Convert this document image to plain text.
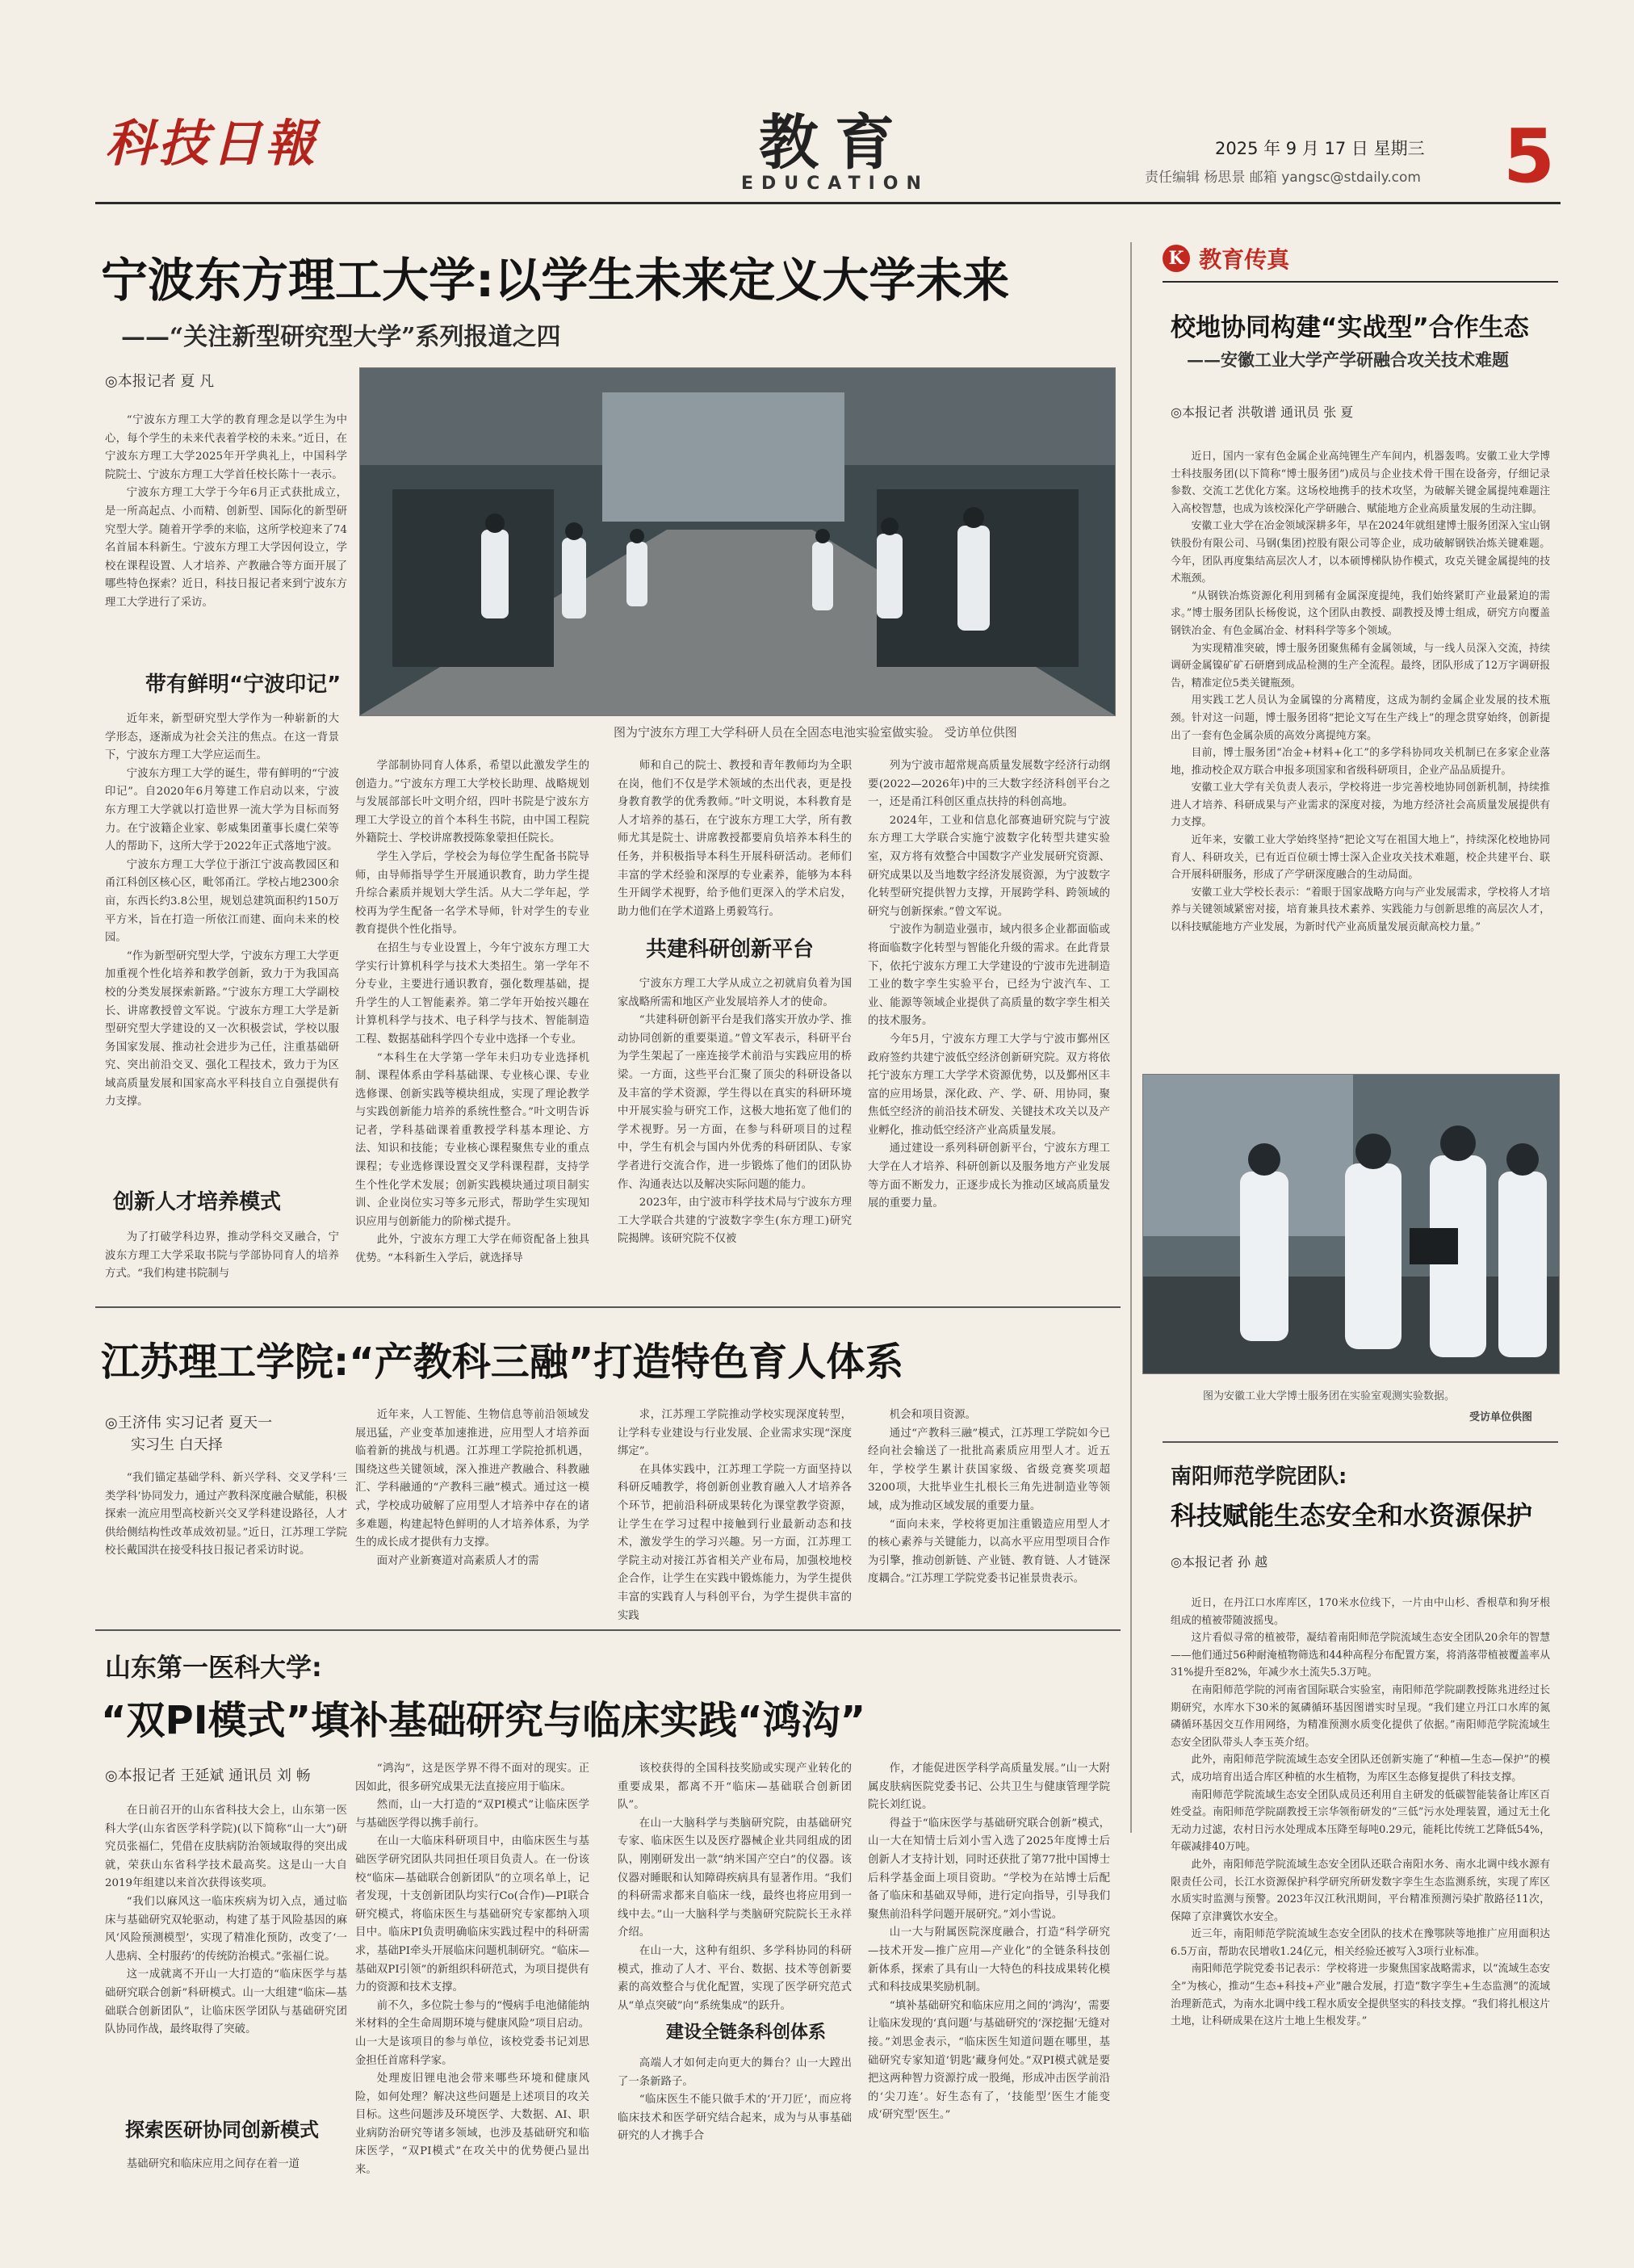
科技日報	教育
EDUCATION
2025 年 9 月 17 日 星期三
责任编辑 杨思景 邮箱 yangsc@stdaily.com 5
宁波东方理工大学:以学生未来定义大学未来
——“关注新型研究型大学”系列报道之四
◎本报记者 夏 凡

“宁波东方理工大学的教育理念是以学生为中心，每个学生的未来代表着学校的未来。”近日，在宁波东方理工大学2025年开学典礼上，中国科学院院士、宁波东方理工大学首任校长陈十一表示。

宁波东方理工大学于今年6月正式获批成立，是一所高起点、小而精、创新型、国际化的新型研究型大学。随着开学季的来临，这所学校迎来了74名首届本科新生。宁波东方理工大学因何设立，学校在课程设置、人才培养、产教融合等方面开展了哪些特色探索？近日，科技日报记者来到宁波东方理工大学进行了采访。

图为宁波东方理工大学科研人员在全固态电池实验室做实验。 受访单位供图
带有鲜明“宁波印记”

近年来，新型研究型大学作为一种崭新的大学形态，逐渐成为社会关注的焦点。在这一背景下，宁波东方理工大学应运而生。

宁波东方理工大学的诞生，带有鲜明的“宁波印记”。自2020年6月筹建工作启动以来，宁波东方理工大学就以打造世界一流大学为目标而努力。在宁波籍企业家、彰威集团董事长虞仁荣等人的帮助下，这所大学于2022年正式落地宁波。

宁波东方理工大学位于浙江宁波高教园区和甬江科创区核心区，毗邻甬江。学校占地2300余亩，东西长约3.8公里，规划总建筑面积约150万平方米，旨在打造一所依江而建、面向未来的校园。

“作为新型研究型大学，宁波东方理工大学更加重视个性化培养和教学创新，致力于为我国高校的分类发展探索新路。”宁波东方理工大学副校长、讲席教授曾文军说。宁波东方理工大学是新型研究型大学建设的又一次积极尝试，学校以服务国家发展、推动社会进步为己任，注重基础研究、突出前沿交叉、强化工程技术，致力于为区域高质量发展和国家高水平科技自立自强提供有力支撑。

创新人才培养模式

为了打破学科边界，推动学科交叉融合，宁波东方理工大学采取书院与学部协同育人的培养方式。“我们构建书院制与

学部制协同育人体系，希望以此激发学生的创造力。”宁波东方理工大学校长助理、战略规划与发展部部长叶文明介绍，四叶书院是宁波东方理工大学设立的首个本科生书院，由中国工程院外籍院士、学校讲席教授陈象蒙担任院长。

学生入学后，学校会为每位学生配备书院导师，由导师指导学生开展通识教育，助力学生提升综合素质并规划大学生活。从大二学年起，学校再为学生配备一名学术导师，针对学生的专业教育提供个性化指导。

在招生与专业设置上，今年宁波东方理工大学实行计算机科学与技术大类招生。第一学年不分专业，主要进行通识教育，强化数理基础，提升学生的人工智能素养。第二学年开始按兴趣在计算机科学与技术、电子科学与技术、智能制造工程、数据基础科学四个专业中选择一个专业。

“本科生在大学第一学年未归功专业选择机制、课程体系由学科基础课、专业核心课、专业选修课、创新实践等模块组成，实现了理论教学与实践创新能力培养的系统性整合。”叶文明告诉记者，学科基础课着重教授学科基本理论、方法、知识和技能；专业核心课程聚焦专业的重点课程；专业选修课设置交叉学科课程群，支持学生个性化学术发展；创新实践模块通过项目制实训、企业岗位实习等多元形式，帮助学生实现知识应用与创新能力的阶梯式提升。

此外，宁波东方理工大学在师资配备上独具优势。“本科新生入学后，就选择导

师和自己的院士、教授和青年教师均为全职在岗，他们不仅是学术领域的杰出代表，更是投身教育教学的优秀教师。”叶文明说，本科教育是人才培养的基石，在宁波东方理工大学，所有教师尤其是院士、讲席教授都要肩负培养本科生的任务，并积极指导本科生开展科研活动。老师们丰富的学术经验和深厚的专业素养，能够为本科生开阔学术视野，给予他们更深入的学术启发，助力他们在学术道路上勇毅笃行。

共建科研创新平台

宁波东方理工大学从成立之初就肩负着为国家战略所需和地区产业发展培养人才的使命。

“共建科研创新平台是我们落实开放办学、推动协同创新的重要渠道。”曾文军表示，科研平台为学生架起了一座连接学术前沿与实践应用的桥梁。一方面，这些平台汇聚了顶尖的科研设备以及丰富的学术资源，学生得以在真实的科研环境中开展实验与研究工作，这极大地拓宽了他们的学术视野。另一方面，在参与科研项目的过程中，学生有机会与国内外优秀的科研团队、专家学者进行交流合作，进一步锻炼了他们的团队协作、沟通表达以及解决实际问题的能力。

2023年，由宁波市科学技术局与宁波东方理工大学联合共建的宁波数字孪生(东方理工)研究院揭牌。该研究院不仅被

列为宁波市超常规高质量发展数字经济行动纲要(2022—2026年)中的三大数字经济科创平台之一，还是甬江科创区重点扶持的科创高地。

2024年，工业和信息化部赛迪研究院与宁波东方理工大学联合实施宁波数字化转型共建实验室，双方将有效整合中国数字产业发展研究资源、研究成果以及当地数字经济发展资源，为宁波数字化转型研究提供智力支撑，开展跨学科、跨领域的研究与创新探索。”曾文军说。

宁波作为制造业强市，域内很多企业都面临或将面临数字化转型与智能化升级的需求。在此背景下，依托宁波东方理工大学建设的宁波市先进制造工业的数字孪生实验平台，已经为宁波汽车、工业、能源等领域企业提供了高质量的数字孪生相关的技术服务。

今年5月，宁波东方理工大学与宁波市鄞州区政府签约共建宁波低空经济创新研究院。双方将依托宁波东方理工大学学术资源优势，以及鄞州区丰富的应用场景，深化政、产、学、研、用协同，聚焦低空经济的前沿技术研发、关键技术攻关以及产业孵化，推动低空经济产业高质量发展。

通过建设一系列科研创新平台，宁波东方理工大学在人才培养、科研创新以及服务地方产业发展等方面不断发力，正逐步成长为推动区域高质量发展的重要力量。

江苏理工学院:“产教科三融”打造特色育人体系
◎王济伟 实习记者 夏天一
实习生 白天择

“我们锚定基础学科、新兴学科、交叉学科‘三类学科’协同发力，通过产教科深度融合赋能，积极探索一流应用型高校新兴交叉学科建设路径，人才供给侧结构性改革成效初显。”近日，江苏理工学院校长戴国洪在接受科技日报记者采访时说。

近年来，人工智能、生物信息等前沿领域发展迅猛，产业变革加速推进，应用型人才培养面临着新的挑战与机遇。江苏理工学院抢抓机遇，围绕这些关键领域，深入推进产教融合、科教融汇、学科融通的“产教科三融”模式。通过这一模式，学校成功破解了应用型人才培养中存在的诸多难题，构建起特色鲜明的人才培养体系，为学生的成长成才提供有力支撑。

面对产业新赛道对高素质人才的需

求，江苏理工学院推动学校实现深度转型，让学科专业建设与行业发展、企业需求实现“深度绑定”。

在具体实践中，江苏理工学院一方面坚持以科研反哺教学，将创新创业教育融入人才培养各个环节，把前沿科研成果转化为课堂教学资源，让学生在学习过程中接触到行业最新动态和技术，激发学生的学习兴趣。另一方面，江苏理工学院主动对接江苏省相关产业布局，加强校地校企合作，让学生在实践中锻炼能力，为学生提供丰富的实践育人与科创平台，为学生提供丰富的实践

机会和项目资源。

通过“产教科三融”模式，江苏理工学院如今已经向社会输送了一批批高素质应用型人才。近五年，学校学生累计获国家级、省级竞赛奖项超3200项，大批毕业生扎根长三角先进制造业等领域，成为推动区域发展的重要力量。

“面向未来，学校将更加注重锻造应用型人才的核心素养与关键能力，以高水平应用型项目合作为引擎，推动创新链、产业链、教育链、人才链深度耦合。”江苏理工学院党委书记崔景贵表示。

山东第一医科大学:
“双PI模式”填补基础研究与临床实践“鸿沟”
◎本报记者 王延斌 通讯员 刘 畅

在日前召开的山东省科技大会上，山东第一医科大学(山东省医学科学院)(以下简称“山一大”)研究员张福仁，凭借在皮肤病防治领域取得的突出成就，荣获山东省科学技术最高奖。这是山一大自2019年组建以来首次获得该奖项。

“我们以麻风这一临床疾病为切入点，通过临床与基础研究双轮驱动，构建了基于风险基因的麻风‘风险预测模型’，实现了精准化预防，改变了‘一人患病、全村服药’的传统防治模式。”张福仁说。

这一成就离不开山一大打造的“临床医学与基础研究联合创新”科研模式。山一大组建“临床—基础联合创新团队”，让临床医学团队与基础研究团队协同作战，最终取得了突破。

探索医研协同创新模式

基础研究和临床应用之间存在着一道

“鸿沟”，这是医学界不得不面对的现实。正因如此，很多研究成果无法直接应用于临床。

然而，山一大打造的“双PI模式”让临床医学与基础医学得以携手前行。

在山一大临床科研项目中，由临床医生与基础医学研究团队共同担任项目负责人。在一份该校“临床—基础联合创新团队”的立项名单上，记者发现，十支创新团队均实行Co(合作)—PI联合研究模式，将临床医生与基础研究专家都纳入项目中。临床PI负责明确临床实践过程中的科研需求，基础PI牵头开展临床问题机制研究。“临床—基础双PI引领”的新组织科研范式，为项目提供有力的资源和技术支撑。

前不久，多位院士参与的“慢病手电池储能纳米材料的全生命周期环境与健康风险”项目启动。山一大是该项目的参与单位，该校党委书记刘思金担任首席科学家。

处理废旧锂电池会带来哪些环境和健康风险，如何处理？解决这些问题是上述项目的攻关目标。这些问题涉及环境医学、大数据、AI、职业病防治研究等诸多领域，也涉及基础研究和临床医学，“双PI模式”在攻关中的优势便凸显出来。

该校获得的全国科技奖励或实现产业转化的重要成果，都离不开“临床—基础联合创新团队”。

在山一大脑科学与类脑研究院，由基础研究专家、临床医生以及医疗器械企业共同组成的团队，刚刚研发出一款“纳米国产空白”的仪器。该仪器对睡眠和认知障碍疾病具有显著作用。“我们的科研需求都来自临床一线，最终也将应用到一线中去。”山一大脑科学与类脑研究院院长王永祥介绍。

在山一大，这种有组织、多学科协同的科研模式，推动了人才、平台、数据、技术等创新要素的高效整合与优化配置，实现了医学研究范式从“单点突破”向“系统集成”的跃升。

建设全链条科创体系

高端人才如何走向更大的舞台？山一大蹚出了一条新路子。

“临床医生不能只做手术的‘开刀匠’，而应将临床技术和医学研究结合起来，成为与从事基础研究的人才携手合

作，才能促进医学科学高质量发展。”山一大附属皮肤病医院党委书记、公共卫生与健康管理学院院长刘红说。

得益于“临床医学与基础研究联合创新”模式，山一大在知情士后刘小雪入选了2025年度博士后创新人才支持计划，同时还获批了第77批中国博士后科学基金面上项目资助。“学校为在站博士后配备了临床和基础双导师，进行定向指导，引导我们聚焦前沿科学问题开展研究。”刘小雪说。

山一大与附属医院深度融合，打造“科学研究—技术开发—推广应用—产业化”的全链条科技创新体系，探索了具有山一大特色的科技成果转化模式和科技成果奖励机制。

“填补基础研究和临床应用之间的‘鸿沟’，需要让临床发现的‘真问题’与基础研究的‘深挖掘’无缝对接。”刘思金表示，“临床医生知道问题在哪里，基础研究专家知道‘钥匙’藏身何处。”双PI模式就是要把这两种智力资源拧成一股绳，形成冲击医学前沿的‘尖刀连’。好生态有了，‘技能型’医生才能变成‘研究型’医生。”

K 教育传真
校地协同构建“实战型”合作生态
——安徽工业大学产学研融合攻关技术难题
◎本报记者 洪敬谱 通讯员 张 夏

近日，国内一家有色金属企业高纯锂生产车间内，机器轰鸣。安徽工业大学博士科技服务团(以下简称“博士服务团”)成员与企业技术骨干围在设备旁，仔细记录参数、交流工艺优化方案。这场校地携手的技术攻坚，为破解关键金属提纯难题注入高校智慧，也成为该校深化产学研融合、赋能地方企业高质量发展的生动注脚。

安徽工业大学在冶金领域深耕多年，早在2024年就组建博士服务团深入宝山钢铁股份有限公司、马钢(集团)控股有限公司等企业，成功破解钢铁冶炼关键难题。今年，团队再度集结高层次人才，以本硕博梯队协作模式，攻克关键金属提纯的技术瓶颈。

“从钢铁冶炼资源化利用到稀有金属深度提纯，我们始终紧盯产业最紧迫的需求。”博士服务团队长杨俊说，这个团队由教授、副教授及博士组成，研究方向覆盖钢铁冶金、有色金属冶金、材料科学等多个领域。

为实现精准突破，博士服务团聚焦稀有金属领域，与一线人员深入交流，持续调研金属镍矿矿石研磨到成品检测的生产全流程。最终，团队形成了12万字调研报告，精准定位5类关键瓶颈。

用实践工艺人员认为金属镍的分离精度，这成为制约金属企业发展的技术瓶颈。针对这一问题，博士服务团将“把论文写在生产线上”的理念贯穿始终，创新提出了一套有色金属杂质的高效分离提纯方案。

目前，博士服务团“冶金+材料+化工”的多学科协同攻关机制已在多家企业落地，推动校企双方联合申报多项国家和省级科研项目，企业产品品质提升。

安徽工业大学有关负责人表示，学校将进一步完善校地协同创新机制，持续推进人才培养、科研成果与产业需求的深度对接，为地方经济社会高质量发展提供有力支撑。

近年来，安徽工业大学始终坚持“把论文写在祖国大地上”，持续深化校地协同育人、科研攻关，已有近百位硕士博士深入企业攻关技术难题，校企共建平台、联合开展科研服务，形成了产学研深度融合的生动局面。

安徽工业大学校长表示：“着眼于国家战略方向与产业发展需求，学校将人才培养与关键领域紧密对接，培育兼具技术素养、实践能力与创新思维的高层次人才，以科技赋能地方产业发展，为新时代产业高质量发展贡献高校力量。”

图为安徽工业大学博士服务团在实验室观测实验数据。
受访单位供图
南阳师范学院团队:
科技赋能生态安全和水资源保护
◎本报记者 孙 越

近日，在丹江口水库库区，170米水位线下，一片由中山杉、香根草和狗牙根组成的植被带随波摇曳。

这片看似寻常的植被带，凝结着南阳师范学院流域生态安全团队20余年的智慧——他们通过56种耐淹植物筛选和44种高程分布配置方案，将消落带植被覆盖率从31%提升至82%，年减少水土流失5.3万吨。

在南阳师范学院的河南省国际联合实验室，南阳师范学院副教授陈兆进经过长期研究，水库水下30米的氮磷循环基因图谱实时呈现。“我们建立丹江口水库的氮磷循环基因交互作用网络，为精准预测水质变化提供了依据。”南阳师范学院流域生态安全团队带头人李玉英介绍。

此外，南阳师范学院流域生态安全团队还创新实施了“种植—生态—保护”的模式，成功培育出适合库区种植的水生植物，为库区生态修复提供了科技支撑。

南阳师范学院流域生态安全团队成员还利用自主研发的低碳智能装备让库区百姓受益。南阳师范学院副教授王宗华领衔研发的“三低”污水处理装置，通过无土化无动力过滤，农村日污水处理成本压降至每吨0.29元，能耗比传统工艺降低54%，年碳减排40万吨。

此外，南阳师范学院流域生态安全团队还联合南阳水务、南水北调中线水源有限责任公司，长江水资源保护科学研究所研发数字孪生生态监测系统，实现了库区水质实时监测与预警。2023年汉江秋汛期间，平台精准预测污染扩散路径11次，保障了京津冀饮水安全。

近三年，南阳师范学院流域生态安全团队的技术在豫鄂陕等地推广应用面积达6.5万亩，帮助农民增收1.24亿元，相关经验还被写入3项行业标准。

南阳师范学院党委书记表示：学校将进一步聚焦国家战略需求，以“流域生态安全”为核心，推动“生态+科技+产业”融合发展，打造“数字孪生+生态监测”的流域治理新范式，为南水北调中线工程水质安全提供坚实的科技支撑。“我们将扎根这片土地，让科研成果在这片土地上生根发芽。”
